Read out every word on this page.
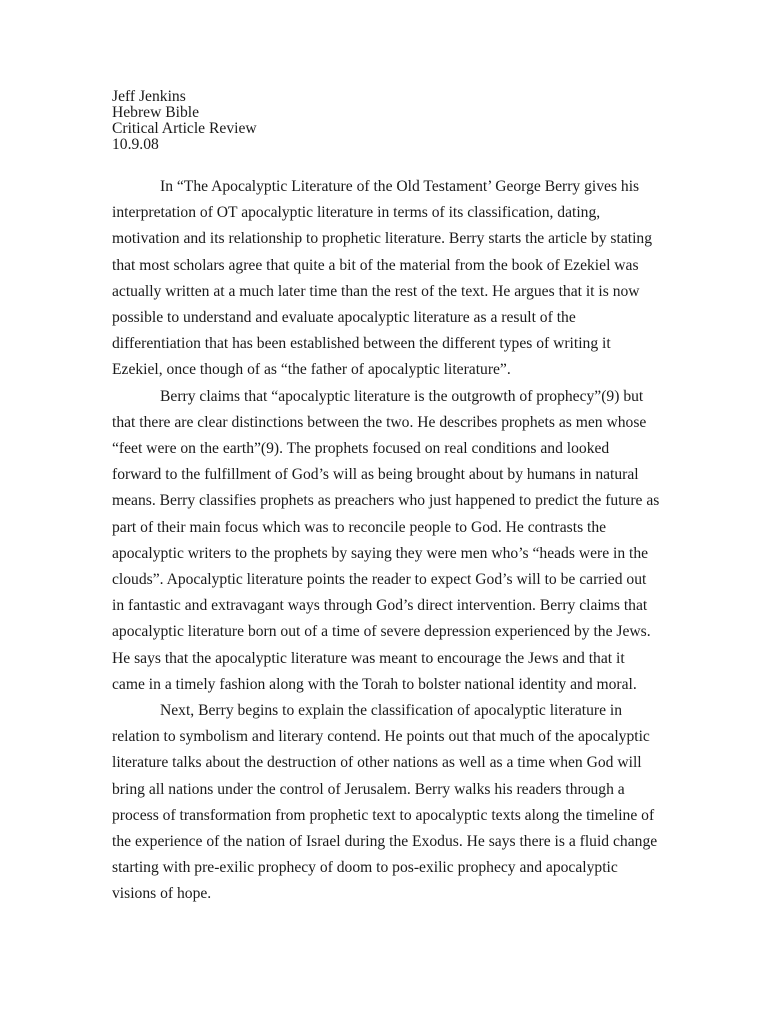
Jeff Jenkins
Hebrew Bible
Critical Article Review
10.9.08

In “The Apocalyptic Literature of the Old Testament’ George Berry gives his interpretation of OT apocalyptic literature in terms of its classification, dating, motivation and its relationship to prophetic literature. Berry starts the article by stating that most scholars agree that quite a bit of the material from the book of Ezekiel was actually written at a much later time than the rest of the text. He argues that it is now possible to understand and evaluate apocalyptic literature as a result of the differentiation that has been established between the different types of writing it Ezekiel, once though of as “the father of apocalyptic literature”.

Berry claims that “apocalyptic literature is the outgrowth of prophecy”(9) but that there are clear distinctions between the two. He describes prophets as men whose “feet were on the earth”(9). The prophets focused on real conditions and looked forward to the fulfillment of God’s will as being brought about by humans in natural means. Berry classifies prophets as preachers who just happened to predict the future as part of their main focus which was to reconcile people to God. He contrasts the apocalyptic writers to the prophets by saying they were men who’s “heads were in the clouds”. Apocalyptic literature points the reader to expect God’s will to be carried out in fantastic and extravagant ways through God’s direct intervention. Berry claims that apocalyptic literature born out of a time of severe depression experienced by the Jews. He says that the apocalyptic literature was meant to encourage the Jews and that it came in a timely fashion along with the Torah to bolster national identity and moral.

Next, Berry begins to explain the classification of apocalyptic literature in relation to symbolism and literary contend. He points out that much of the apocalyptic literature talks about the destruction of other nations as well as a time when God will bring all nations under the control of Jerusalem. Berry walks his readers through a process of transformation from prophetic text to apocalyptic texts along the timeline of the experience of the nation of Israel during the Exodus. He says there is a fluid change starting with pre-exilic prophecy of doom to pos-exilic prophecy and apocalyptic visions of hope.
